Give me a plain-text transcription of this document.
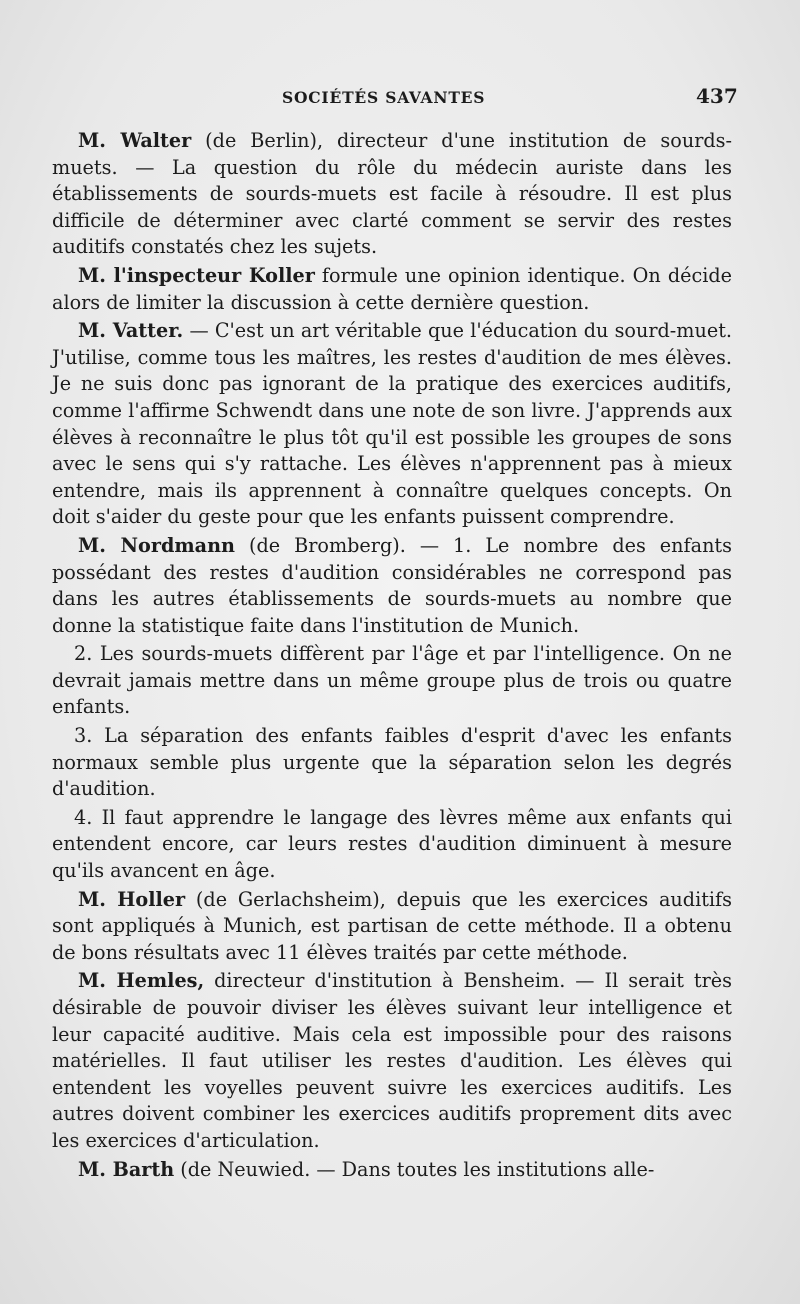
SOCIÉTÉS SAVANTES	437

M. Walter (de Berlin), directeur d'une institution de sourds-muets. — La question du rôle du médecin auriste dans les établissements de sourds-muets est facile à résoudre. Il est plus difficile de déterminer avec clarté comment se servir des restes auditifs constatés chez les sujets.

M. l'inspecteur Koller formule une opinion identique. On décide alors de limiter la discussion à cette dernière question.

M. Vatter. — C'est un art véritable que l'éducation du sourd-muet. J'utilise, comme tous les maîtres, les restes d'audition de mes élèves. Je ne suis donc pas ignorant de la pratique des exercices auditifs, comme l'affirme Schwendt dans une note de son livre. J'apprends aux élèves à reconnaître le plus tôt qu'il est possible les groupes de sons avec le sens qui s'y rattache. Les élèves n'apprennent pas à mieux entendre, mais ils apprennent à connaître quelques concepts. On doit s'aider du geste pour que les enfants puissent comprendre.

M. Nordmann (de Bromberg). — 1. Le nombre des enfants possédant des restes d'audition considérables ne correspond pas dans les autres établissements de sourds-muets au nombre que donne la statistique faite dans l'institution de Munich.

2. Les sourds-muets diffèrent par l'âge et par l'intelligence. On ne devrait jamais mettre dans un même groupe plus de trois ou quatre enfants.

3. La séparation des enfants faibles d'esprit d'avec les enfants normaux semble plus urgente que la séparation selon les degrés d'audition.

4. Il faut apprendre le langage des lèvres même aux enfants qui entendent encore, car leurs restes d'audition diminuent à mesure qu'ils avancent en âge.

M. Holler (de Gerlachsheim), depuis que les exercices auditifs sont appliqués à Munich, est partisan de cette méthode. Il a obtenu de bons résultats avec 11 élèves traités par cette méthode.

M. Hemles, directeur d'institution à Bensheim. — Il serait très désirable de pouvoir diviser les élèves suivant leur intelligence et leur capacité auditive. Mais cela est impossible pour des raisons matérielles. Il faut utiliser les restes d'audition. Les élèves qui entendent les voyelles peuvent suivre les exercices auditifs. Les autres doivent combiner les exercices auditifs proprement dits avec les exercices d'articulation.

M. Barth (de Neuwied. — Dans toutes les institutions alle-
